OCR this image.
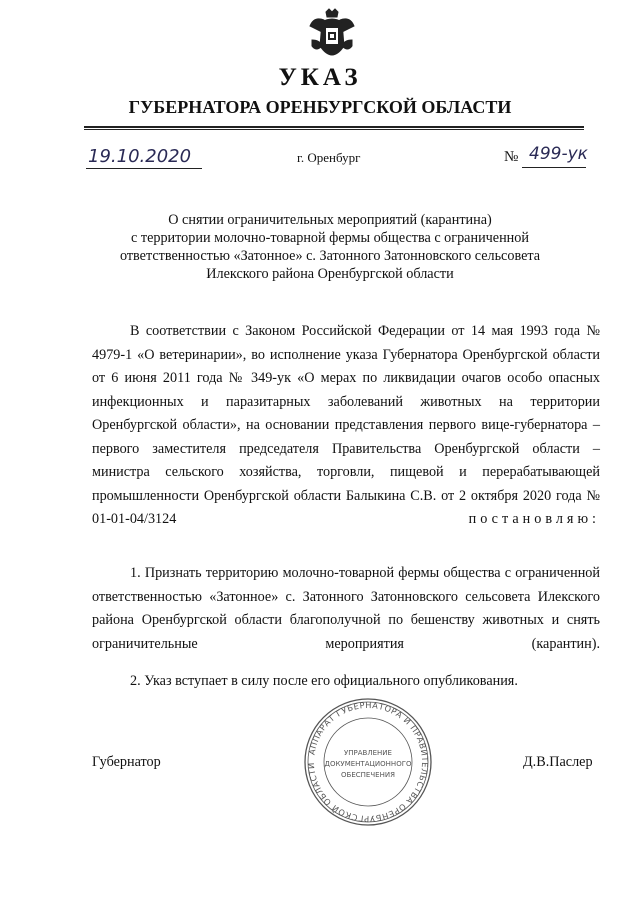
УКАЗ
ГУБЕРНАТОРА ОРЕНБУРГСКОЙ ОБЛАСТИ
19.10.2020	г. Оренбург	№ 499-ук
О снятии ограничительных мероприятий (карантина)
с территории молочно-товарной фермы общества с ограниченной
ответственностью «Затонное» с. Затонного Затонновского сельсовета
Илекского района Оренбургской области
В соответствии с Законом Российской Федерации от 14 мая 1993 года № 4979-1 «О ветеринарии», во исполнение указа Губернатора Оренбургской области от 6 июня 2011 года № 349-ук «О мерах по ликвидации очагов особо опасных инфекционных и паразитарных заболеваний животных на территории Оренбургской области», на основании представления первого вице-губернатора – первого заместителя председателя Правительства Оренбургской области – министра сельского хозяйства, торговли, пищевой и перерабатывающей промышленности Оренбургской области Балыкина С.В. от 2 октября 2020 года № 01-01-04/3124	постановляю:
1. Признать территорию молочно-товарной фермы общества с ограниченной ответственностью «Затонное» с. Затонного Затонновского сельсовета Илекского района Оренбургской области благополучной по бешенству животных и снять ограничительные мероприятия (карантин).
2. Указ вступает в силу после его официального опубликования.
Губернатор	Д.В.Паслер
АППАРАТ ГУБЕРНАТОРА И ПРАВИТЕЛЬСТВА ОРЕНБУРГСКОЙ ОБЛАСТИ
УПРАВЛЕНИЕ
ДОКУМЕНТАЦИОННОГО
ОБЕСПЕЧЕНИЯ
